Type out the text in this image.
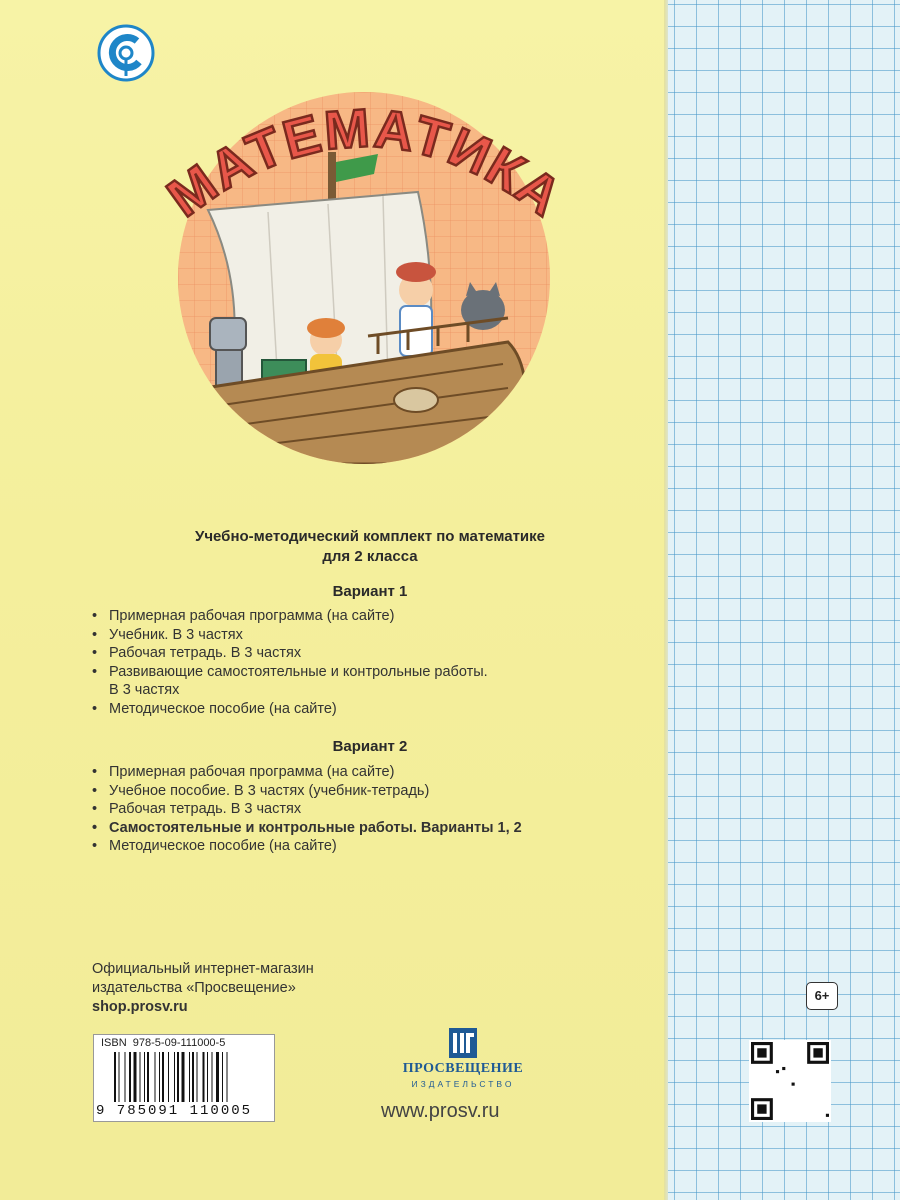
МАТЕМАТИКА
Учебно-методический комплект по математике
для 2 класса
Вариант 1
• Примерная рабочая программа (на сайте)
• Учебник. В 3 частях
• Рабочая тетрадь. В 3 частях
• Развивающие самостоятельные и контрольные работы.
В 3 частях
• Методическое пособие (на сайте)
Вариант 2
• Примерная рабочая программа (на сайте)
• Учебное пособие. В 3 частях (учебник-тетрадь)
• Рабочая тетрадь. В 3 частях
• Самостоятельные и контрольные работы. Варианты 1, 2
• Методическое пособие (на сайте)
Официальный интернет-магазин
издательства «Просвещение»
shop.prosv.ru
ISBN  978-5-09-111000-5
9 785091 110005
ПРОСВЕЩЕНИЕ
ИЗДАТЕЛЬСТВО
www.prosv.ru
6+
